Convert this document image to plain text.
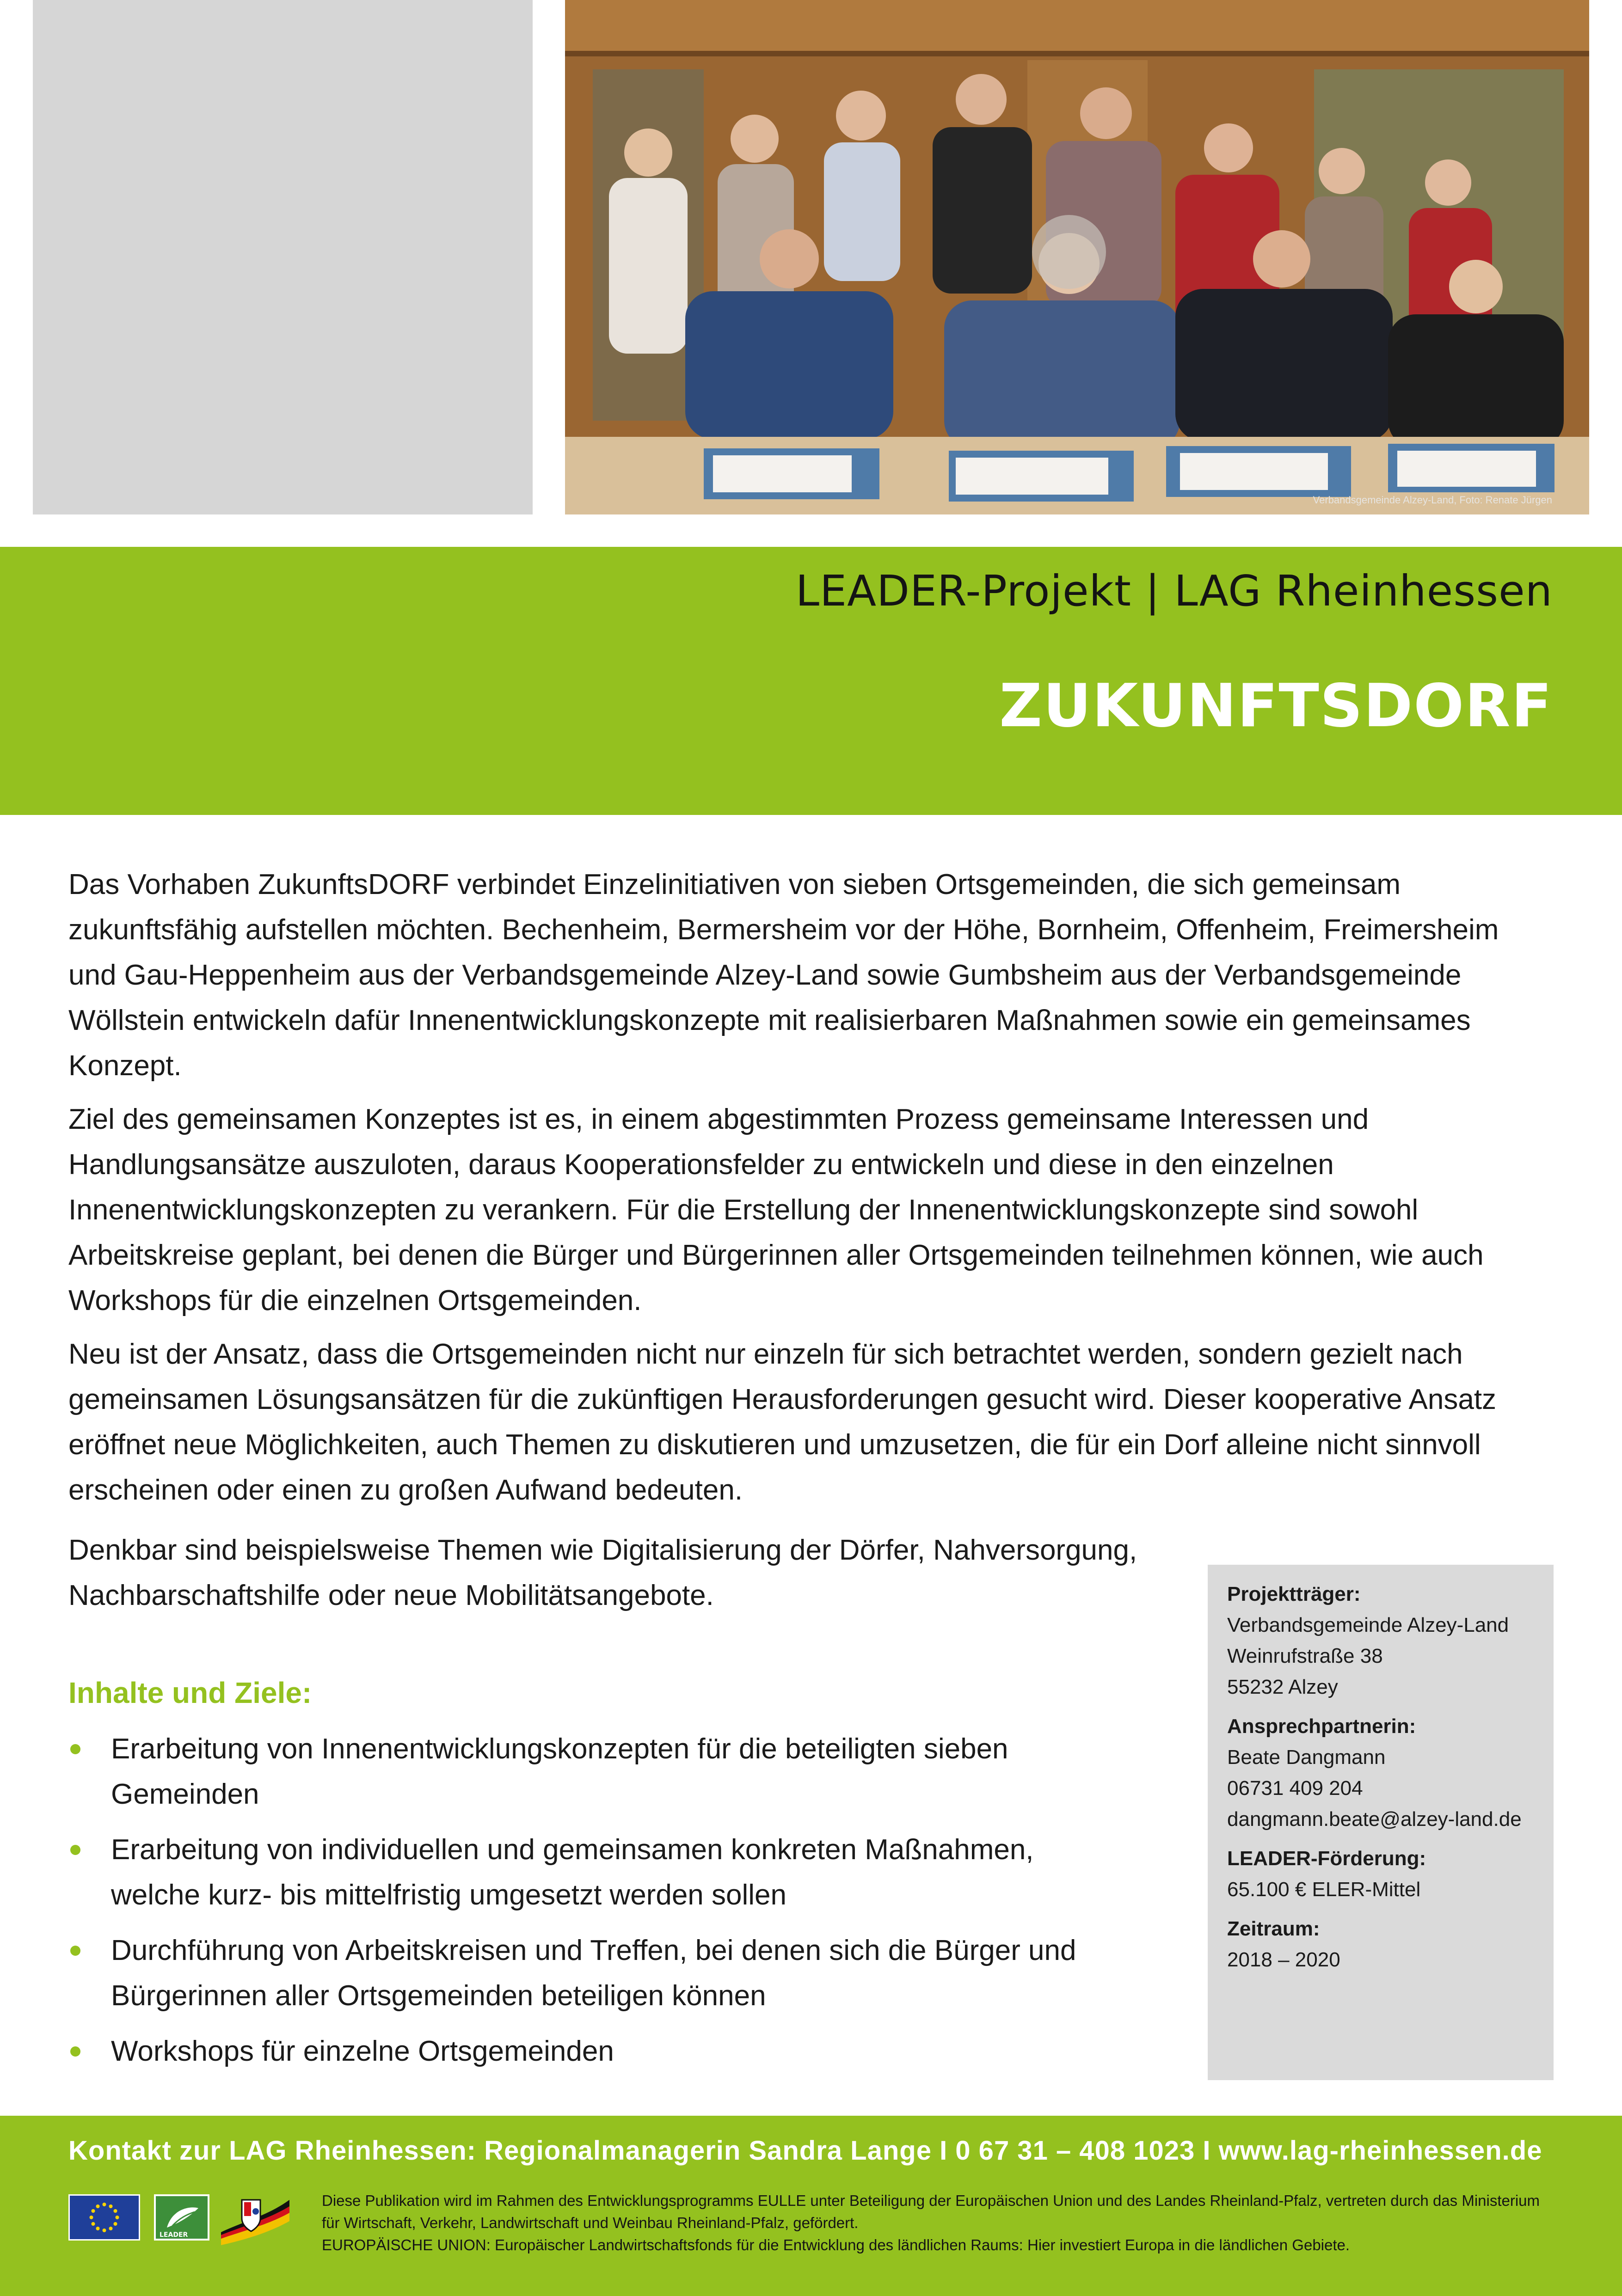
Verbandsgemeinde Alzey-Land, Foto: Renate Jürgen
LEADER-Projekt | LAG Rheinhessen
ZUKUNFTSDORF

Das Vorhaben ZukunftsDORF verbindet Einzelinitiativen von sieben Ortsgemeinden, die sich gemeinsam zukunftsfähig aufstellen möchten. Bechenheim, Bermersheim vor der Höhe, Bornheim, Offenheim, Freimersheim und Gau-Heppenheim aus der Verbandsgemeinde Alzey-Land sowie Gumbsheim aus der Verbandsgemeinde Wöllstein entwickeln dafür Innenentwicklungskonzepte mit realisierbaren Maßnahmen sowie ein gemeinsames Konzept.

Ziel des gemeinsamen Konzeptes ist es, in einem abgestimmten Prozess gemeinsame Interessen und Handlungsansätze auszuloten, daraus Kooperationsfelder zu entwickeln und diese in den einzelnen Innenentwicklungskonzepten zu verankern. Für die Erstellung der Innenentwicklungskonzepte sind sowohl Arbeitskreise geplant, bei denen die Bürger und Bürgerinnen aller Ortsgemeinden teilnehmen können, wie auch Workshops für die einzelnen Ortsgemeinden.

Neu ist der Ansatz, dass die Ortsgemeinden nicht nur einzeln für sich betrachtet werden, sondern gezielt nach gemeinsamen Lösungsansätzen für die zukünftigen Herausforderungen gesucht wird. Dieser kooperative Ansatz eröffnet neue Möglichkeiten, auch Themen zu diskutieren und umzusetzen, die für ein Dorf alleine nicht sinnvoll erscheinen oder einen zu großen Aufwand bedeuten.

Denkbar sind beispielsweise Themen wie Digitalisierung der Dörfer, Nahversorgung, Nachbarschaftshilfe oder neue Mobilitätsangebote.
Inhalte und Ziele:
Erarbeitung von Innenentwicklungskonzepten für die beteiligten sieben Gemeinden
Erarbeitung von individuellen und gemeinsamen konkreten Maßnahmen, welche kurz- bis mittelfristig umgesetzt werden sollen
Durchführung von Arbeitskreisen und Treffen, bei denen sich die Bürger und Bürgerinnen aller Ortsgemeinden beteiligen können
Workshops für einzelne Ortsgemeinden
Projektträger:
Verbandsgemeinde Alzey-Land
Weinrufstraße 38
55232 Alzey
Ansprechpartnerin:
Beate Dangmann
06731 409 204
dangmann.beate@alzey-land.de
LEADER-Förderung:
65.100 € ELER-Mittel
Zeitraum:
2018 – 2020
Kontakt zur LAG Rheinhessen: Regionalmanagerin Sandra Lange I 0 67 31 – 408 1023 I www.lag-rheinhessen.de
LEADER
Diese Publikation wird im Rahmen des Entwicklungsprogramms EULLE unter Beteiligung der Europäischen Union und des Landes Rheinland-Pfalz, vertreten durch das Ministerium für Wirtschaft, Verkehr, Landwirtschaft und Weinbau Rheinland-Pfalz, gefördert.
EUROPÄISCHE UNION: Europäischer Landwirtschaftsfonds für die Entwicklung des ländlichen Raums: Hier investiert Europa in die ländlichen Gebiete.
